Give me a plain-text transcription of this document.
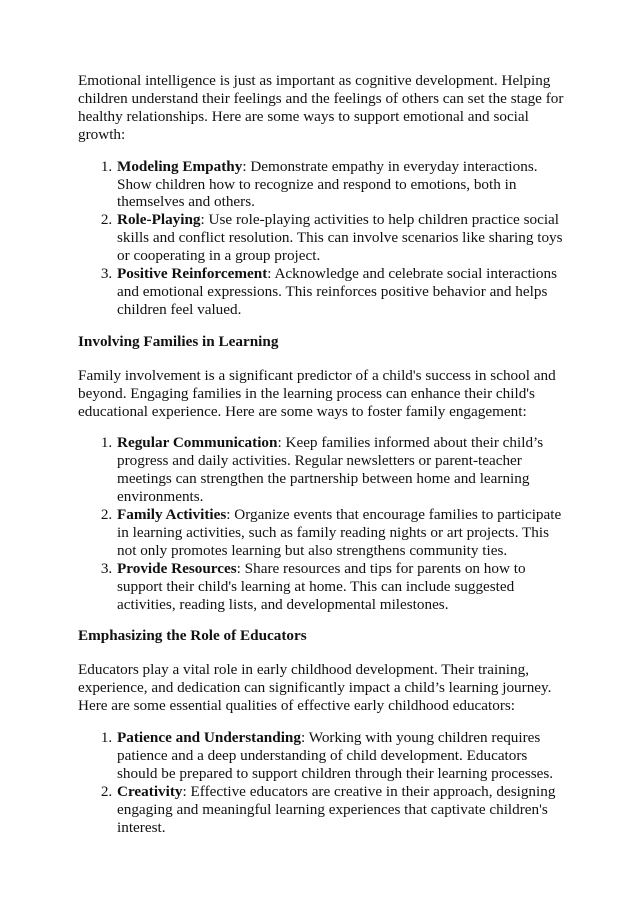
Emotional intelligence is just as important as cognitive development. Helping children understand their feelings and the feelings of others can set the stage for healthy relationships. Here are some ways to support emotional and social growth:

1. Modeling Empathy: Demonstrate empathy in everyday interactions. Show children how to recognize and respond to emotions, both in themselves and others.
2. Role-Playing: Use role-playing activities to help children practice social skills and conflict resolution. This can involve scenarios like sharing toys or cooperating in a group project.
3. Positive Reinforcement: Acknowledge and celebrate social interactions and emotional expressions. This reinforces positive behavior and helps children feel valued.
Involving Families in Learning

Family involvement is a significant predictor of a child's success in school and beyond. Engaging families in the learning process can enhance their child's educational experience. Here are some ways to foster family engagement:

1. Regular Communication: Keep families informed about their child’s progress and daily activities. Regular newsletters or parent-teacher meetings can strengthen the partnership between home and learning environments.
2. Family Activities: Organize events that encourage families to participate in learning activities, such as family reading nights or art projects. This not only promotes learning but also strengthens community ties.
3. Provide Resources: Share resources and tips for parents on how to support their child's learning at home. This can include suggested activities, reading lists, and developmental milestones.
Emphasizing the Role of Educators

Educators play a vital role in early childhood development. Their training, experience, and dedication can significantly impact a child’s learning journey. Here are some essential qualities of effective early childhood educators:

1. Patience and Understanding: Working with young children requires patience and a deep understanding of child development. Educators should be prepared to support children through their learning processes.
2. Creativity: Effective educators are creative in their approach, designing engaging and meaningful learning experiences that captivate children's interest.
